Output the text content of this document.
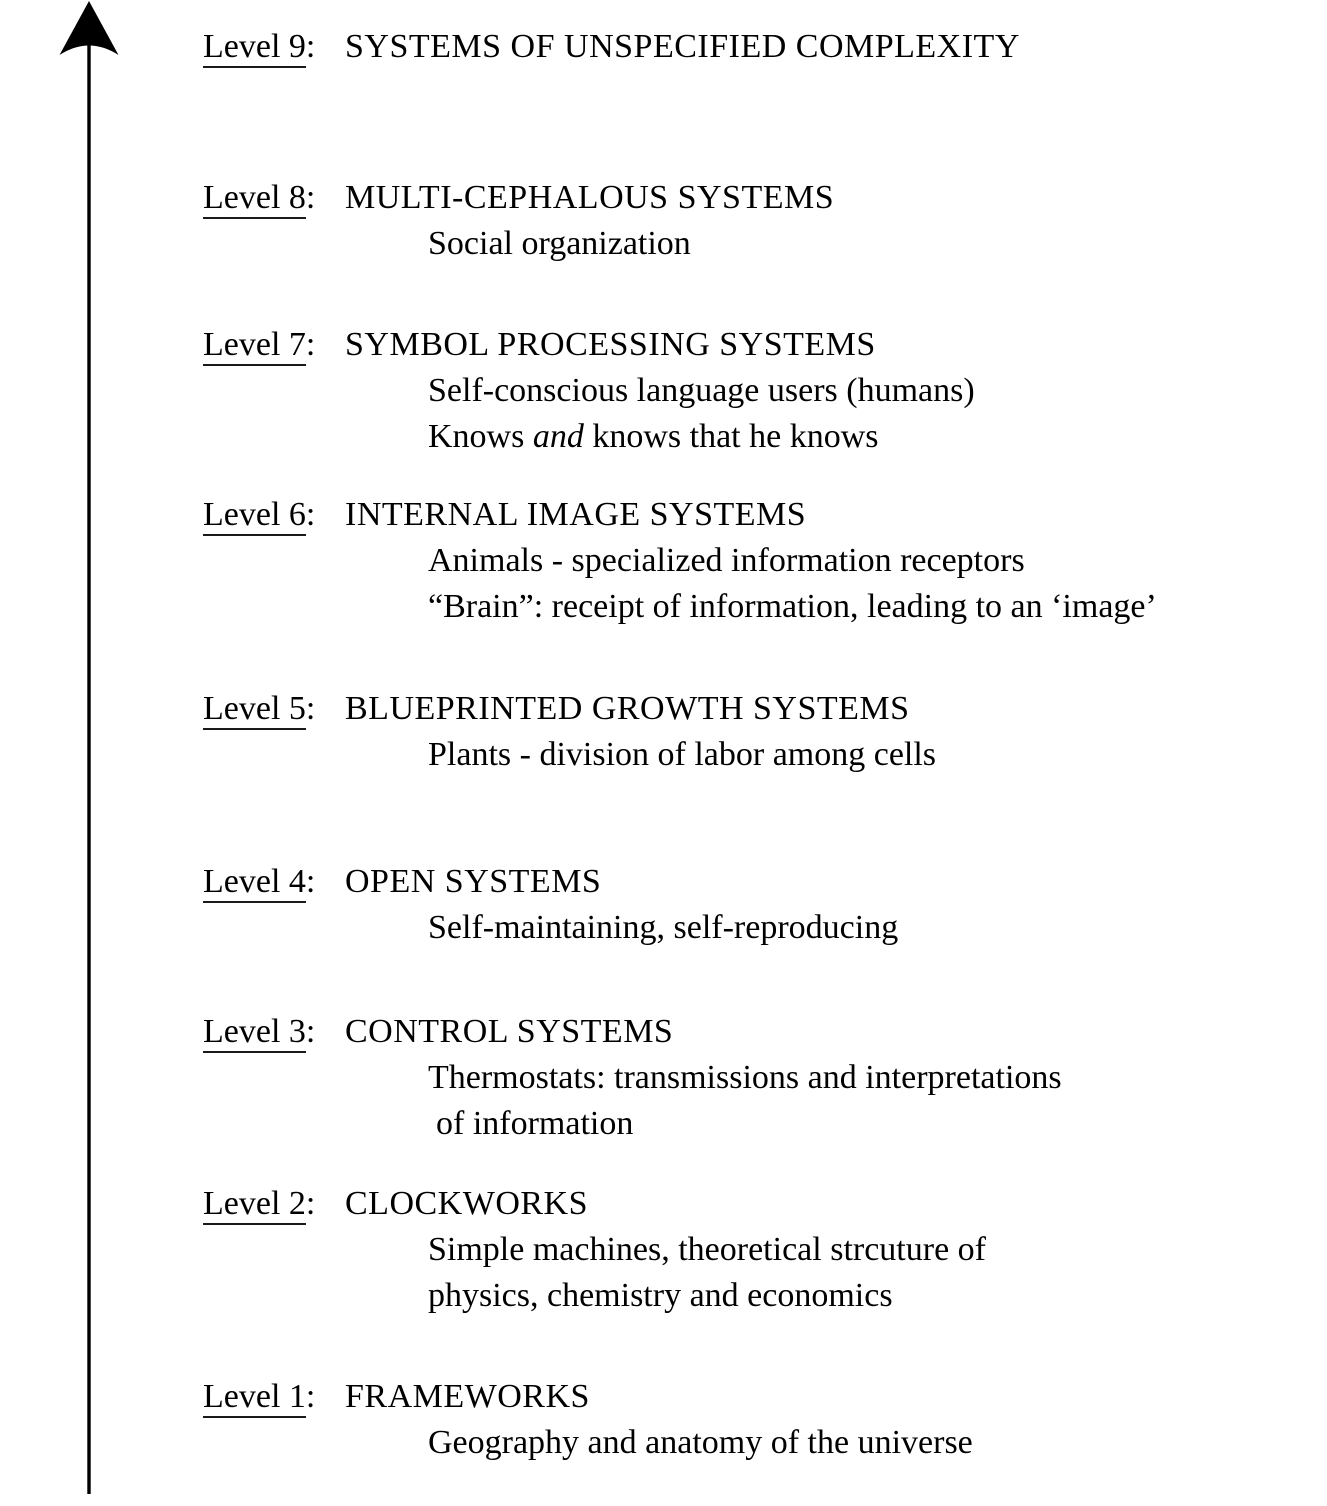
Level 9: SYSTEMS OF UNSPECIFIED COMPLEXITY
Level 8: MULTI-CEPHALOUS SYSTEMS
Social organization
Level 7: SYMBOL PROCESSING SYSTEMS
Self-conscious language users (humans)
Knows and knows that he knows
Level 6: INTERNAL IMAGE SYSTEMS
Animals - specialized information receptors
“Brain”: receipt of information, leading to an ‘image’
Level 5: BLUEPRINTED GROWTH SYSTEMS
Plants - division of labor among cells
Level 4: OPEN SYSTEMS
Self-maintaining, self-reproducing
Level 3: CONTROL SYSTEMS
Thermostats: transmissions and interpretations
of information
Level 2: CLOCKWORKS
Simple machines, theoretical strcuture of
physics, chemistry and economics
Level 1: FRAMEWORKS
Geography and anatomy of the universe
